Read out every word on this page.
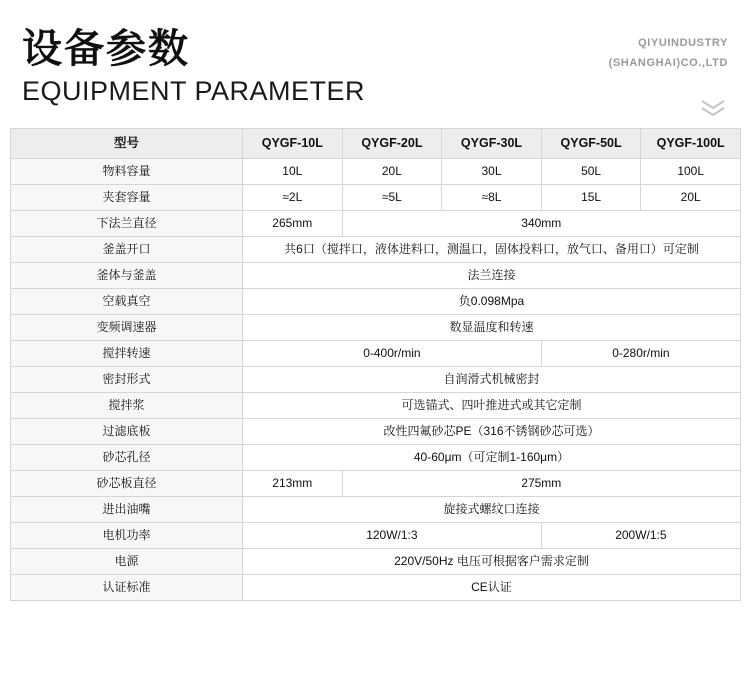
设备参数
EQUIPMENT PARAMETER
QIYUINDUSTRY
(SHANGHAI)CO.,LTD
型号	QYGF-10L	QYGF-20L	QYGF-30L	QYGF-50L	QYGF-100L
物料容量	10L	20L	30L	50L	100L
夹套容量	≈2L	≈5L	≈8L	15L	20L
下法兰直径	265mm	340mm			
釜盖开口	共6口（搅拌口，液体进料口，测温口，固体投料口，放气口、备用口）可定制				
釜体与釜盖	法兰连接				
空载真空	负0.098Mpa				
变频调速器	数显温度和转速				
搅拌转速	0-400r/min			0-280r/min	
密封形式	自润滑式机械密封				
搅拌浆	可选锚式、四叶推进式或其它定制				
过滤底板	改性四氟砂芯PE（316不锈钢砂芯可选）				
砂芯孔径	40-60μm（可定制1-160μm）				
砂芯板直径	213mm	275mm			
进出油嘴	旋接式螺纹口连接				
电机功率	120W/1:3			200W/1:5	
电源	220V/50Hz 电压可根据客户需求定制				
认证标准	CE认证				
